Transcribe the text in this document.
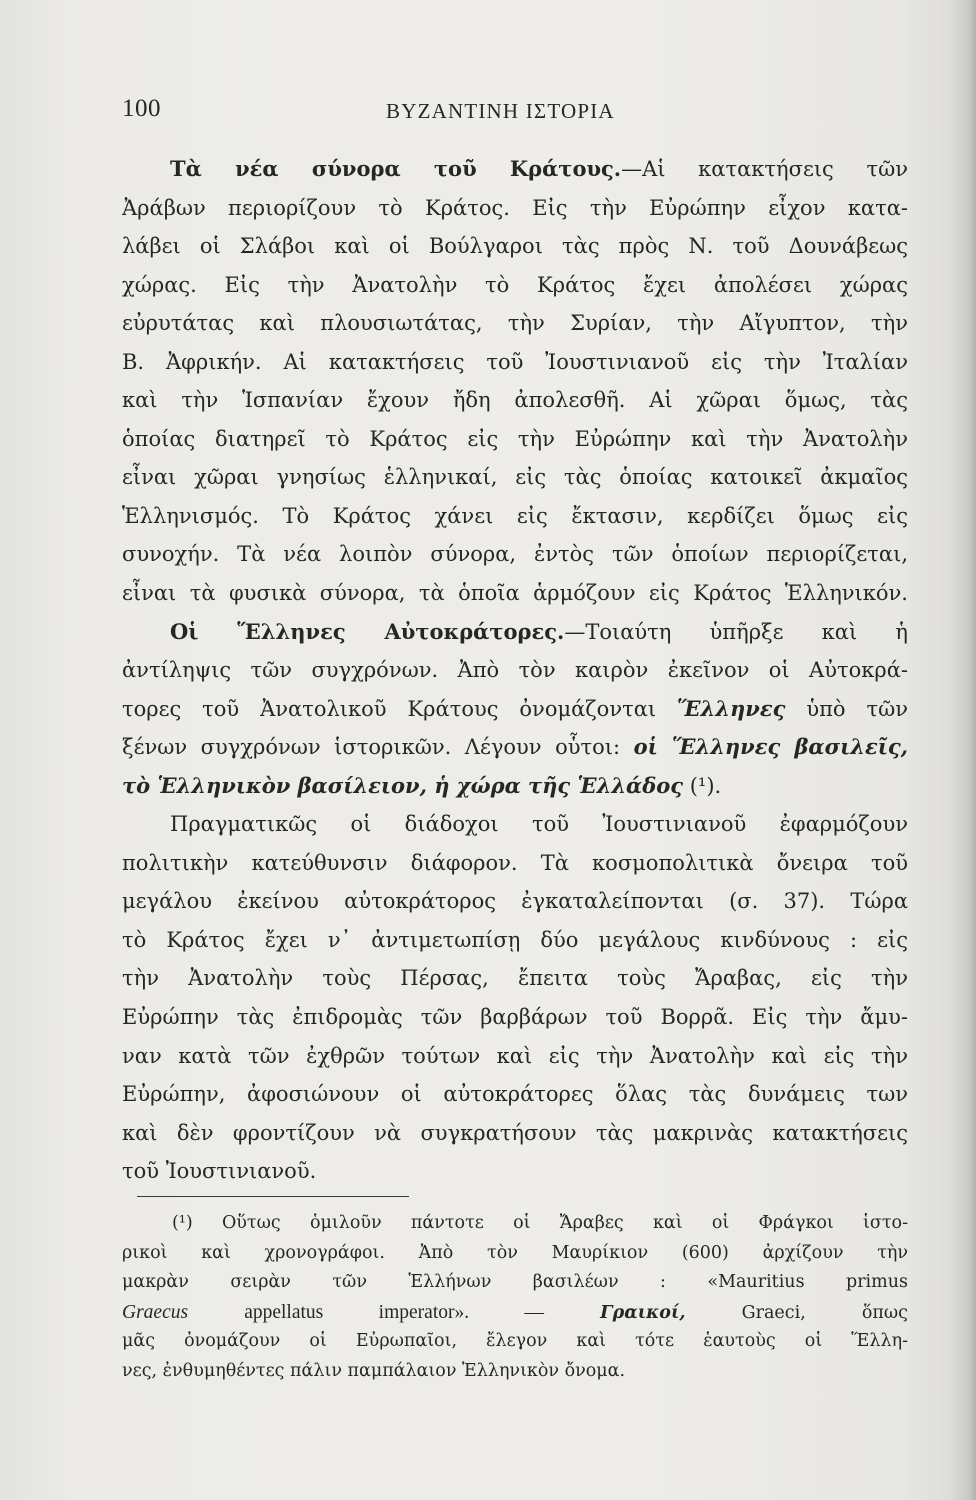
100	ΒΥΖΑΝΤΙΝΗ ΙΣΤΟΡΙΑ
Τὰ νέα σύνορα τοῦ Κράτους.—Αἱ κατακτήσεις τῶν
Ἀράβων περιορίζουν τὸ Κράτος. Εἰς τὴν Εὐρώπην εἶχον κατα-
λάβει οἱ Σλάβοι καὶ οἱ Βούλγαροι τὰς πρὸς Ν. τοῦ Δουνάβεως
χώρας. Εἰς τὴν Ἀνατολὴν τὸ Κράτος ἔχει ἀπολέσει χώρας
εὐρυτάτας καὶ πλουσιωτάτας, τὴν Συρίαν, τὴν Αἴγυπτον, τὴν
Β. Ἀφρικήν. Αἱ κατακτήσεις τοῦ Ἰουστινιανοῦ εἰς τὴν Ἰταλίαν
καὶ τὴν Ἱσπανίαν ἔχουν ἤδη ἀπολεσθῆ. Αἱ χῶραι ὅμως, τὰς
ὁποίας διατηρεῖ τὸ Κράτος εἰς τὴν Εὐρώπην καὶ τὴν Ἀνατολὴν
εἶναι χῶραι γνησίως ἑλληνικαί, εἰς τὰς ὁποίας κατοικεῖ ἀκμαῖος
Ἑλληνισμός. Τὸ Κράτος χάνει εἰς ἔκτασιν, κερδίζει ὅμως εἰς
συνοχήν. Τὰ νέα λοιπὸν σύνορα, ἐντὸς τῶν ὁποίων περιορίζεται,
εἶναι τὰ φυσικὰ σύνορα, τὰ ὁποῖα ἁρμόζουν εἰς Κράτος Ἑλληνικόν.
Οἱ Ἕλληνες Αὐτοκράτορες.—Τοιαύτη ὑπῆρξε καὶ ἡ
ἀντίληψις τῶν συγχρόνων. Ἀπὸ τὸν καιρὸν ἐκεῖνον οἱ Αὐτοκρά-
τορες τοῦ Ἀνατολικοῦ Κράτους ὀνομάζονται Ἕλληνες ὑπὸ τῶν
ξένων συγχρόνων ἱστορικῶν. Λέγουν οὗτοι: οἱ Ἕλληνες βασιλεῖς,
τὸ Ἑλληνικὸν βασίλειον, ἡ χώρα τῆς Ἑλλάδος (¹).
Πραγματικῶς οἱ διάδοχοι τοῦ Ἰουστινιανοῦ ἐφαρμόζουν
πολιτικὴν κατεύθυνσιν διάφορον. Τὰ κοσμοπολιτικὰ ὄνειρα τοῦ
μεγάλου ἐκείνου αὐτοκράτορος ἐγκαταλείπονται (σ. 37). Τώρα
τὸ Κράτος ἔχει ν᾽ ἀντιμετωπίσῃ δύο μεγάλους κινδύνους : εἰς
τὴν Ἀνατολὴν τοὺς Πέρσας, ἔπειτα τοὺς Ἄραβας, εἰς τὴν
Εὐρώπην τὰς ἐπιδρομὰς τῶν βαρβάρων τοῦ Βορρᾶ. Εἰς τὴν ἄμυ-
ναν κατὰ τῶν ἐχθρῶν τούτων καὶ εἰς τὴν Ἀνατολὴν καὶ εἰς τὴν
Εὐρώπην, ἀφοσιώνουν οἱ αὐτοκράτορες ὅλας τὰς δυνάμεις των
καὶ δὲν φροντίζουν νὰ συγκρατήσουν τὰς μακρινὰς κατακτήσεις
τοῦ Ἰουστινιανοῦ.
(¹) Οὕτως ὁμιλοῦν πάντοτε οἱ Ἄραβες καὶ οἱ Φράγκοι ἱστο-
ρικοὶ καὶ χρονογράφοι. Ἀπὸ τὸν Μαυρίκιον (600) ἀρχίζουν τὴν
μακρὰν σειρὰν τῶν Ἑλλήνων βασιλέων : «Mauritius primus
Graecus	appellatus imperator». —	Γραικοί,	Graeci, ὅπως
μᾶς ὀνομάζουν οἱ Εὐρωπαῖοι, ἔλεγον καὶ τότε ἑαυτοὺς οἱ Ἕλλη-
νες, ἐνθυμηθέντες πάλιν παμπάλαιον Ἑλληνικὸν ὄνομα.
